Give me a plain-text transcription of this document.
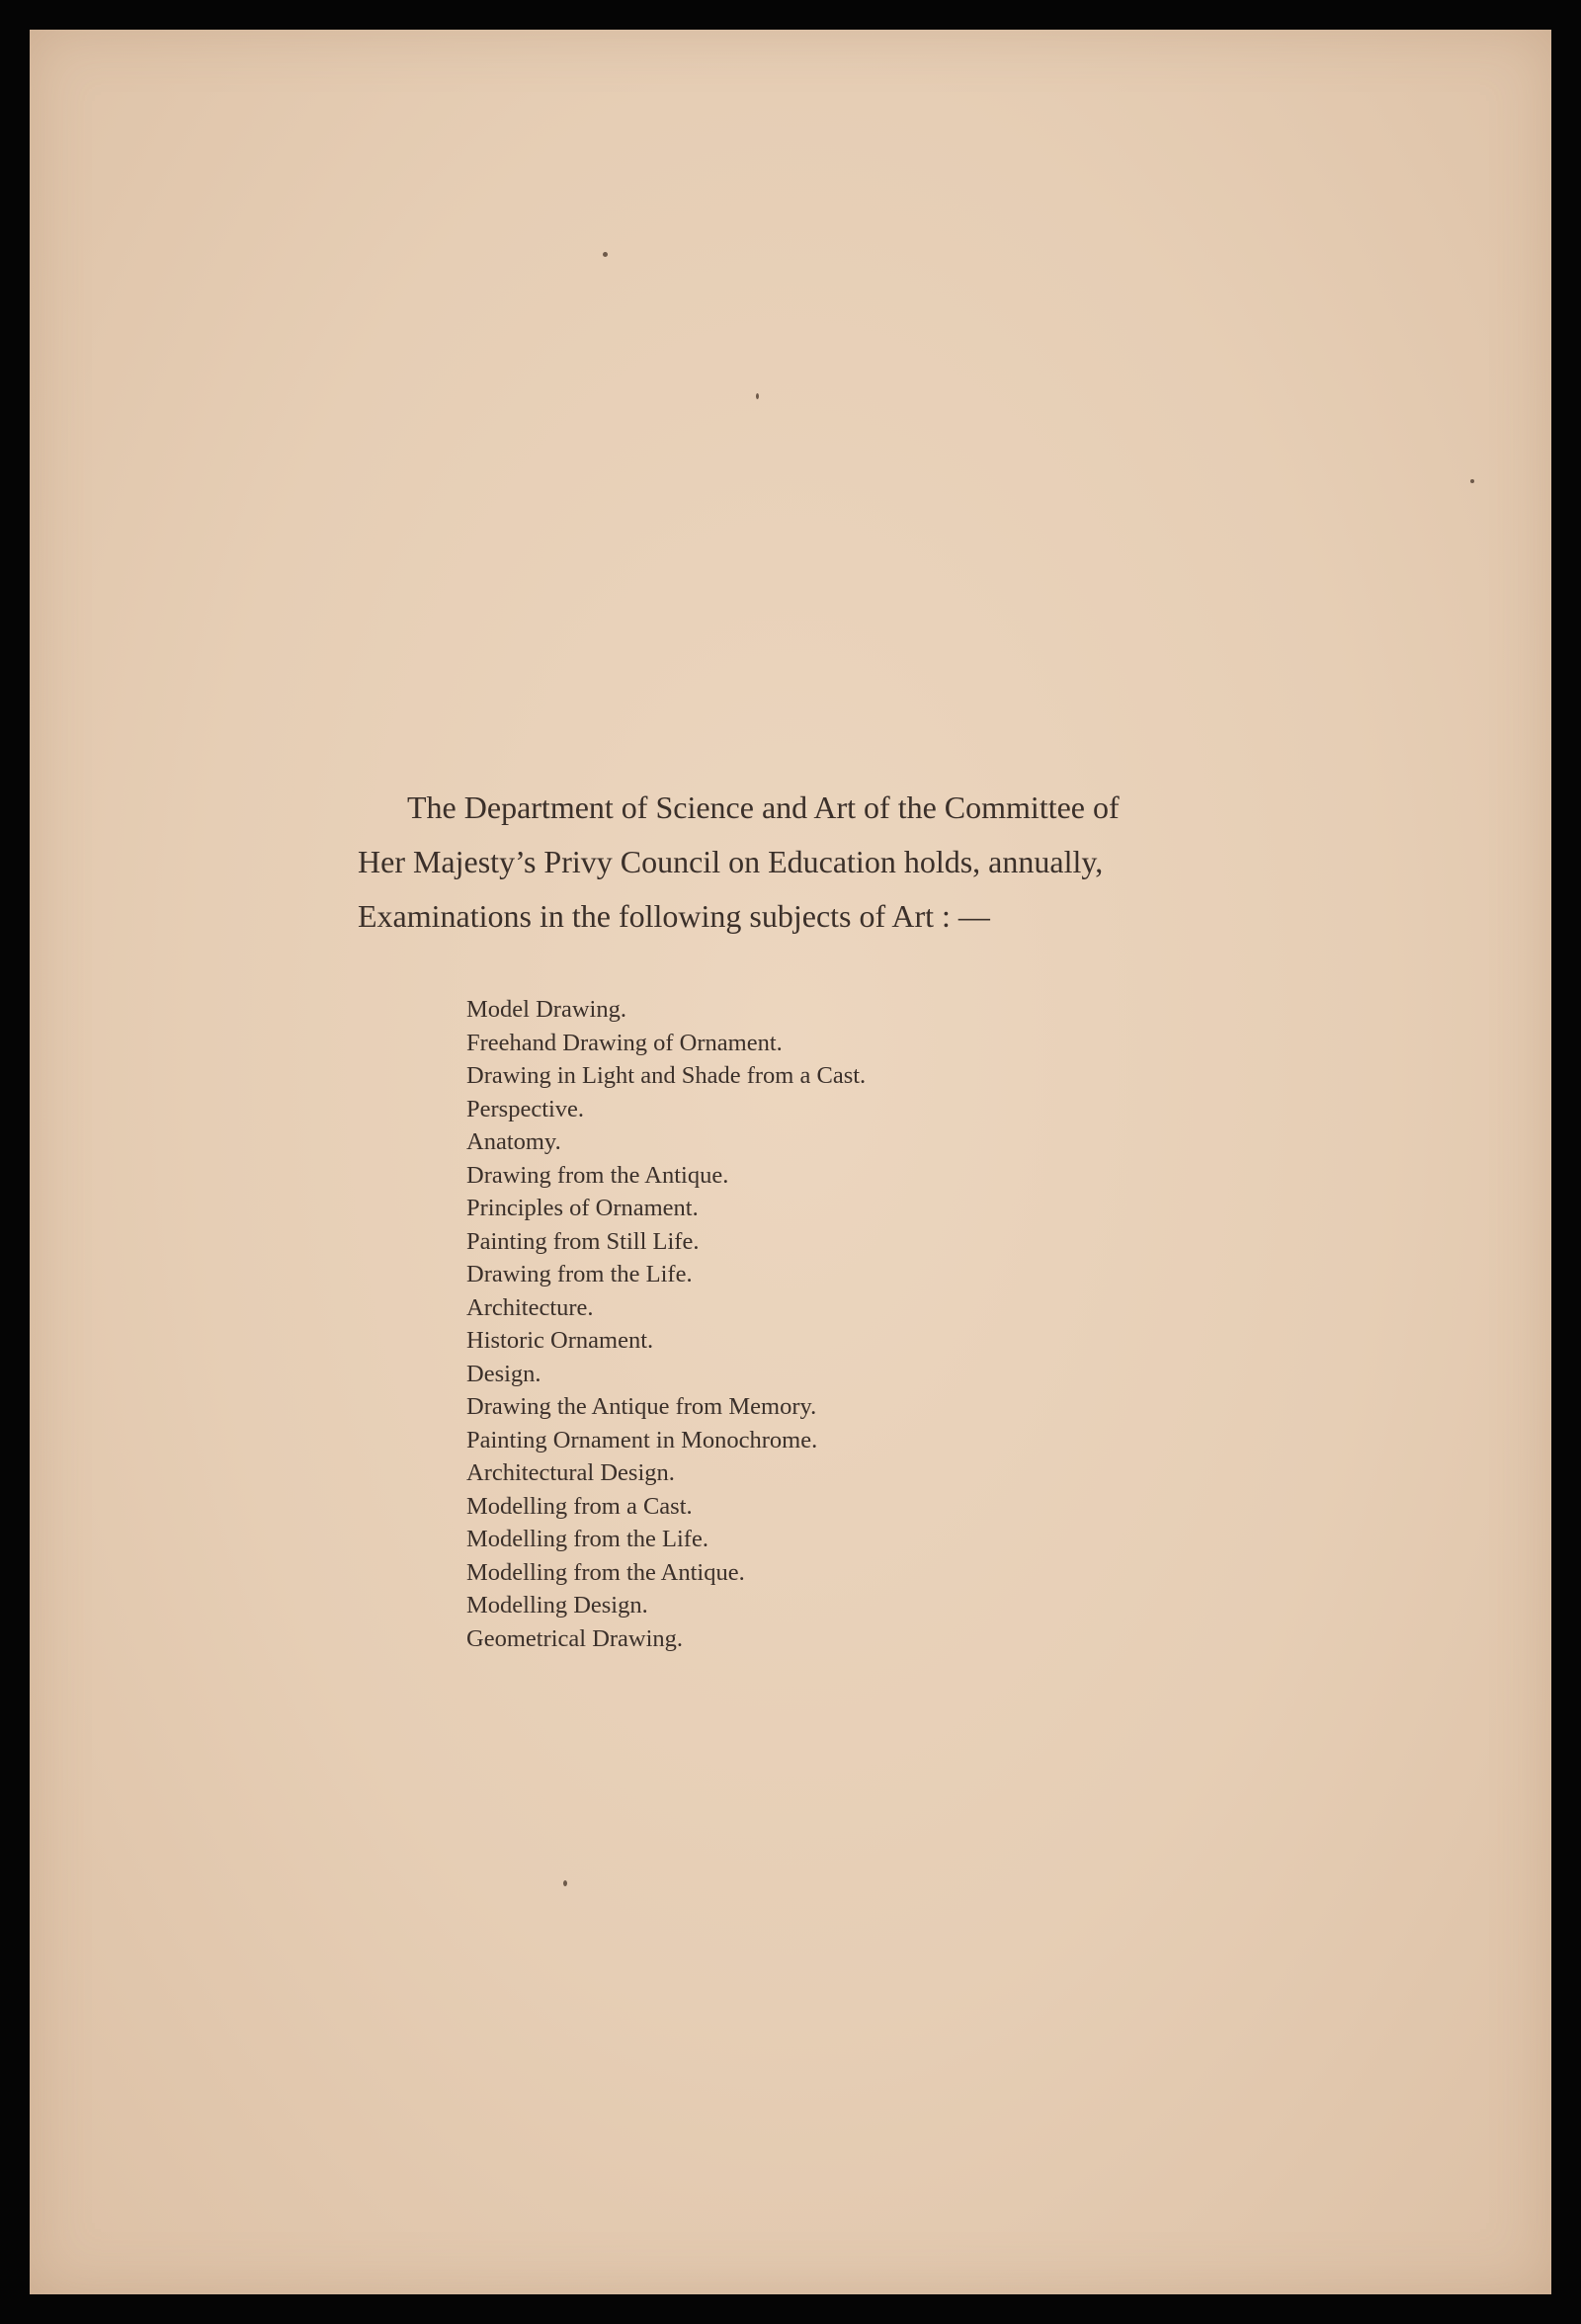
The Department of Science and Art of the Committee of
Her Majesty’s Privy Council on Education holds, annually,
Examinations in the following subjects of Art : —

Model Drawing.
Freehand Drawing of Ornament.
Drawing in Light and Shade from a Cast.
Perspective.
Anatomy.
Drawing from the Antique.
Principles of Ornament.
Painting from Still Life.
Drawing from the Life.
Architecture.
Historic Ornament.
Design.
Drawing the Antique from Memory.
Painting Ornament in Monochrome.
Architectural Design.
Modelling from a Cast.
Modelling from the Life.
Modelling from the Antique.
Modelling Design.
Geometrical Drawing.
